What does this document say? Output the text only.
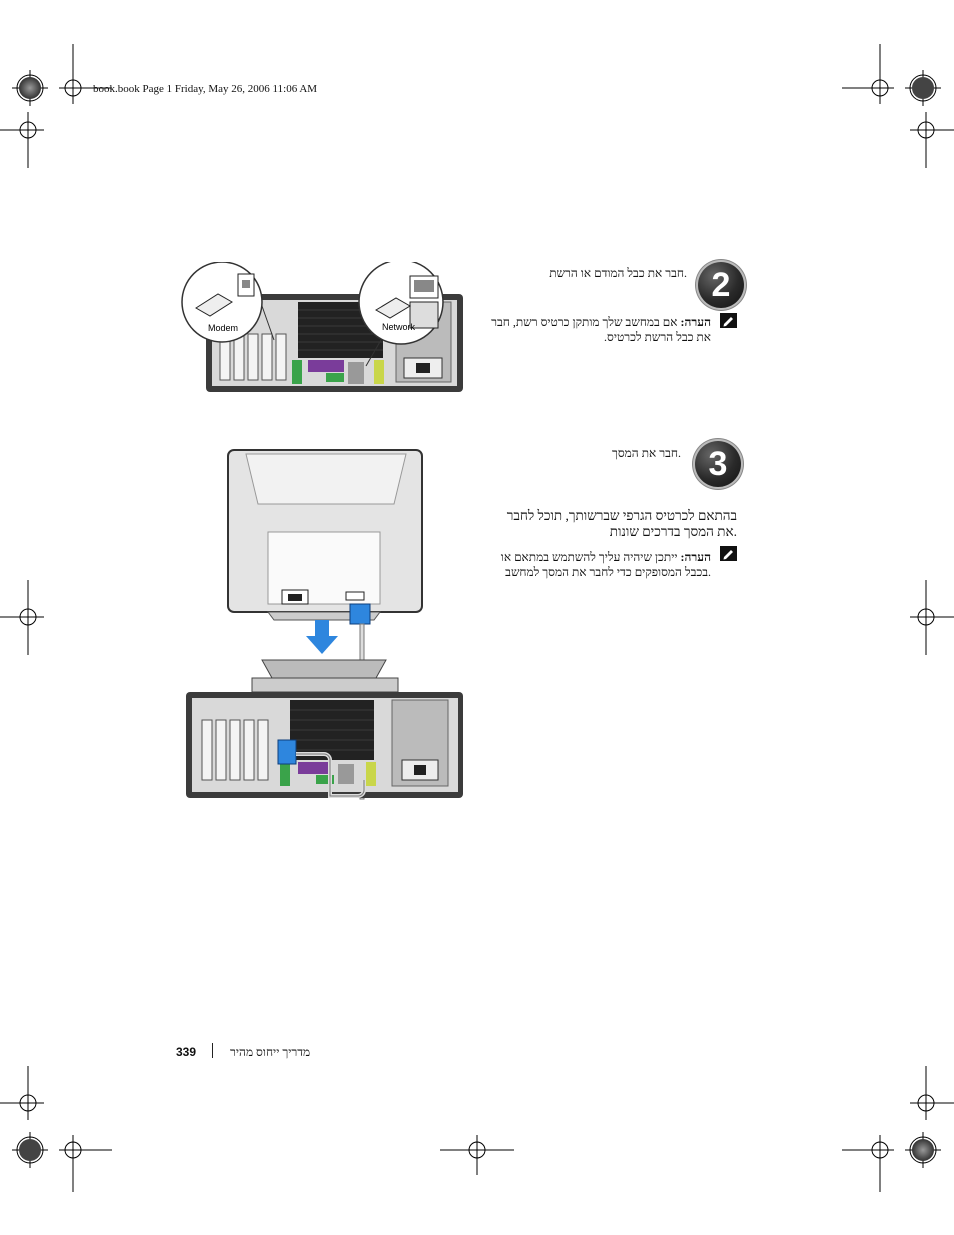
book.book Page 1 Friday, May 26, 2006 11:06 AM
Modem	Network
2
.חבר את כבל המודם או הרשת
הערה: אם במחשב שלך מותקן כרטיס רשת, חבר את כבל הרשת לכרטיס.
3
.חבר את המסך
בהתאם לכרטיס הגרפי שברשותך, תוכל לחבר
.את המסך בדרכים שונות
הערה: ייתכן שיהיה עליך להשתמש במתאם או
.בכבל המסופקים כדי לחבר את המסך למחשב
339	מדריך ייחוס מהיר
